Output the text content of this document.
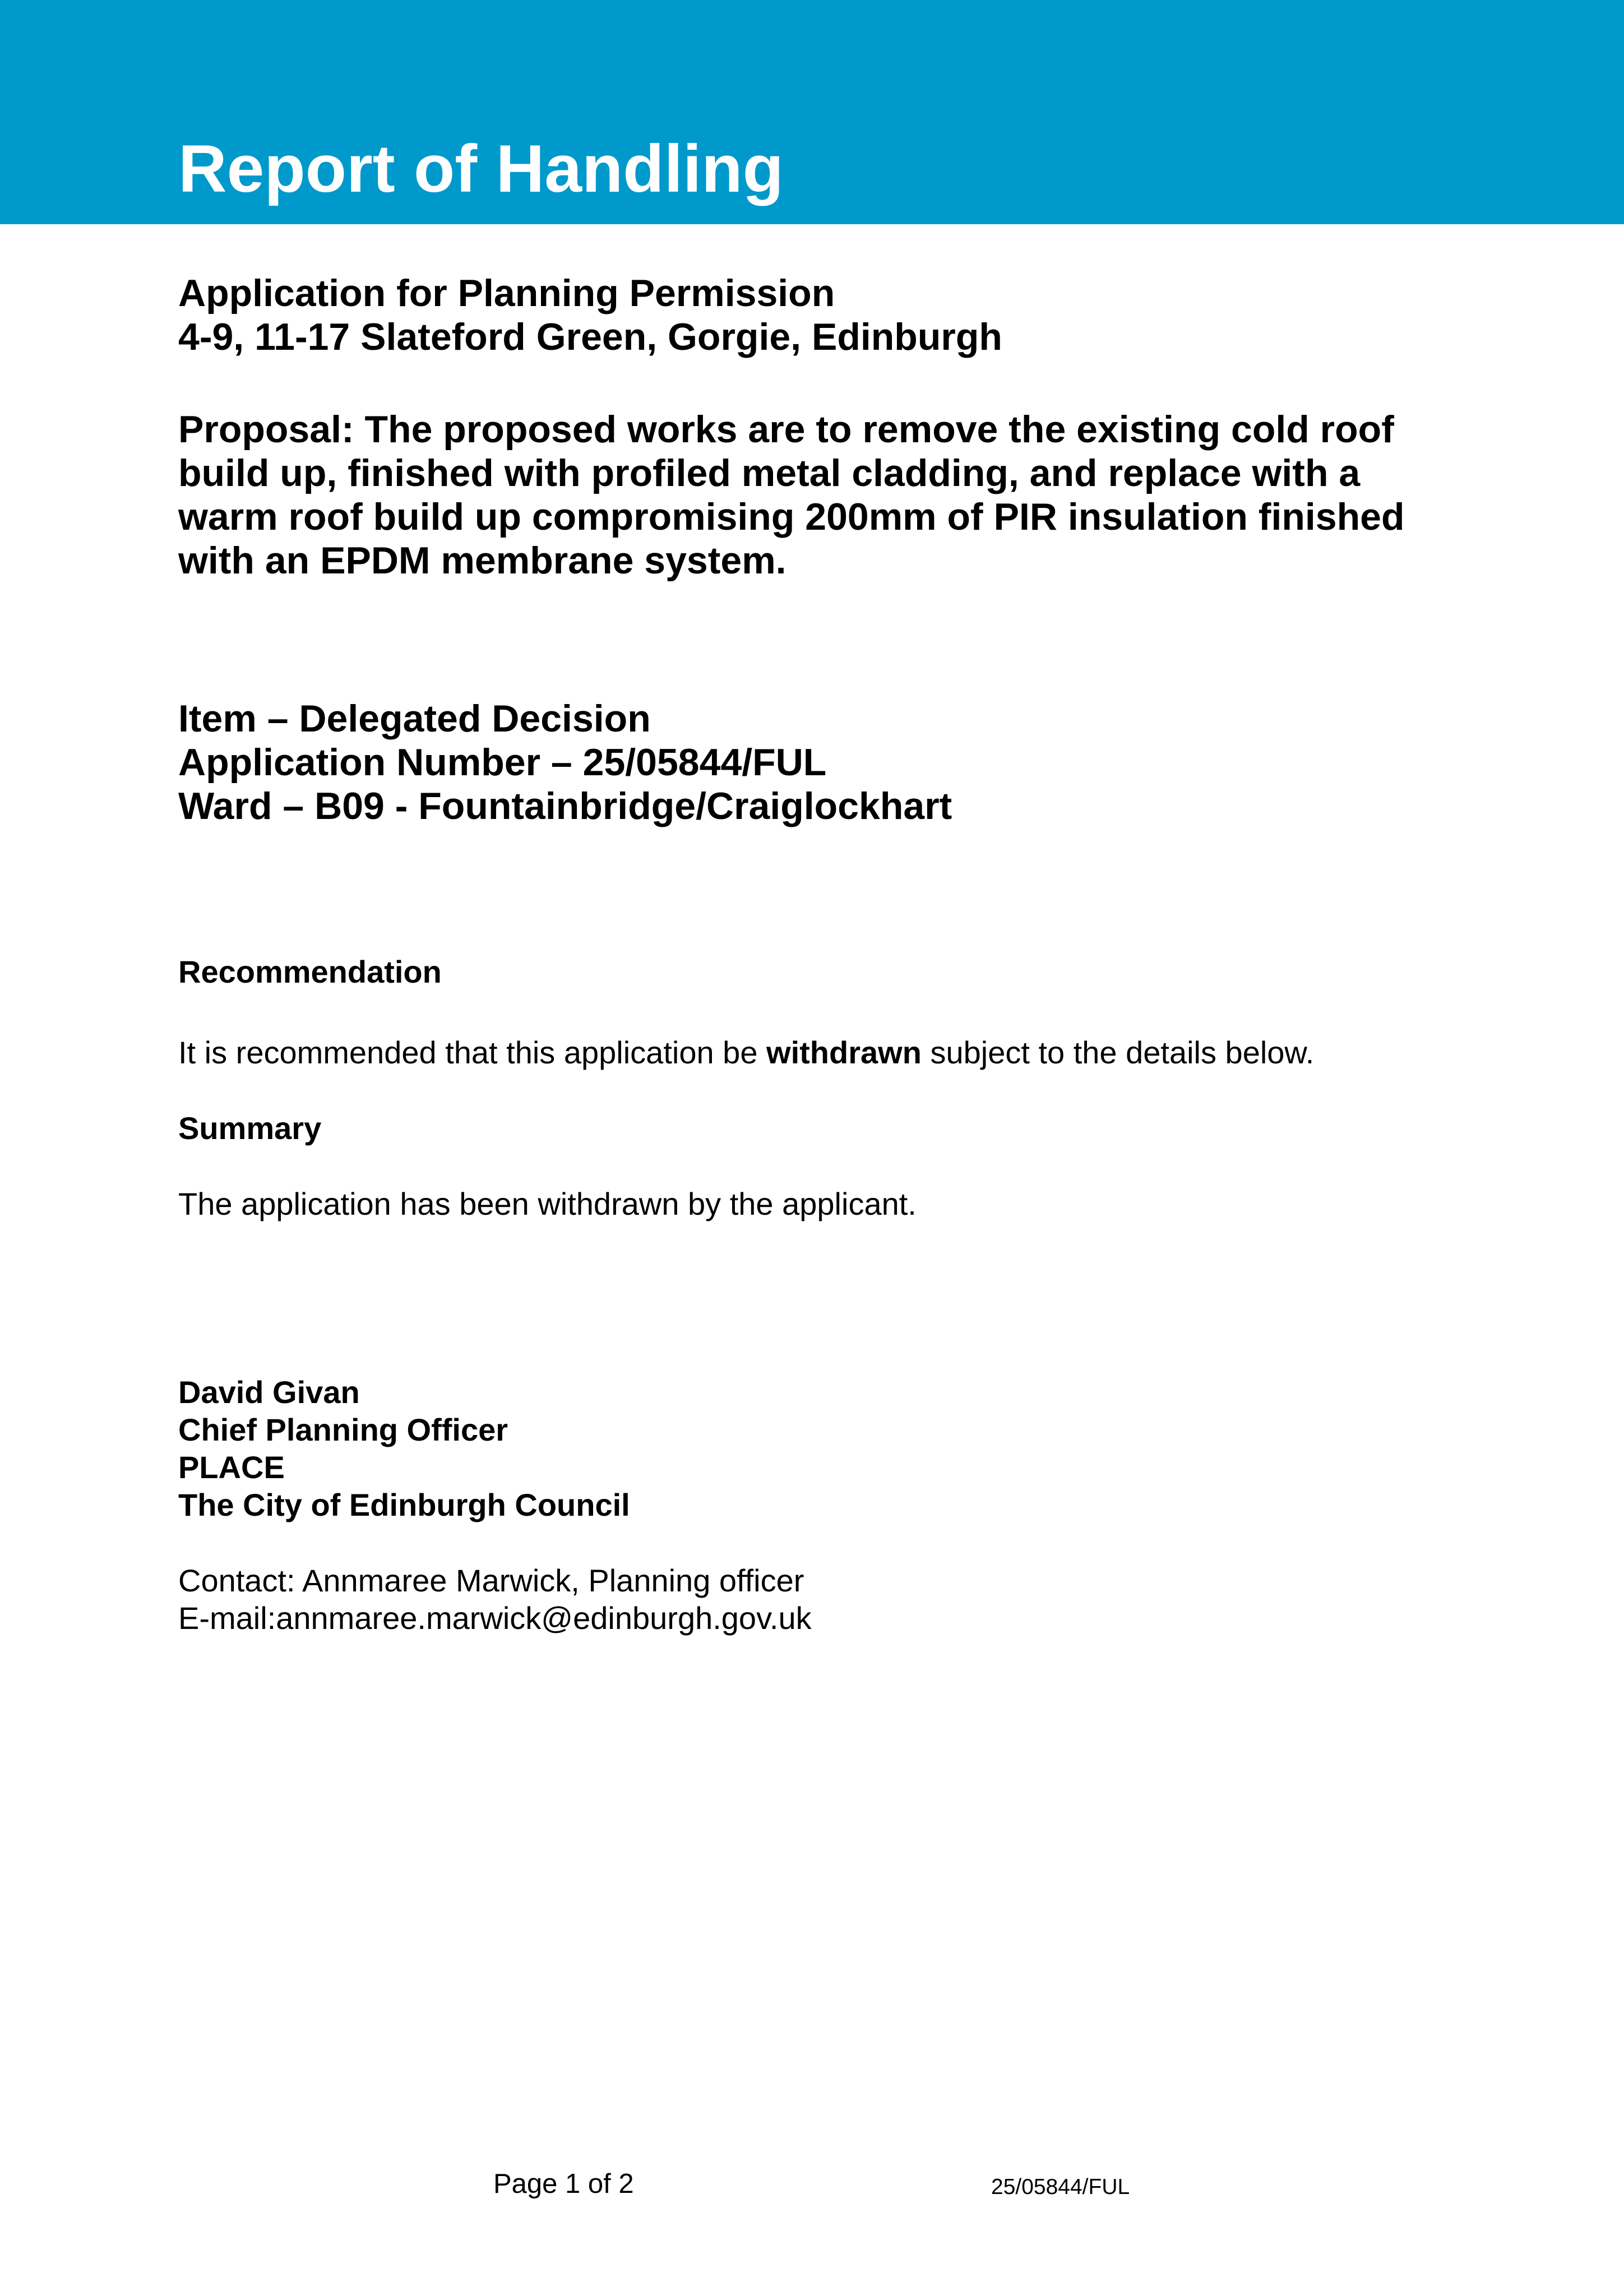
Report of Handling
Application for Planning Permission
4-9, 11-17 Slateford Green, Gorgie, Edinburgh
Proposal: The proposed works are to remove the existing cold roof
build up, finished with profiled metal cladding, and replace with a
warm roof build up compromising 200mm of PIR insulation finished
with an EPDM membrane system.
Item – Delegated Decision
Application Number – 25/05844/FUL
Ward – B09 - Fountainbridge/Craiglockhart
Recommendation

It is recommended that this application be withdrawn subject to the details below.

Summary

The application has been withdrawn by the applicant.

David Givan
Chief Planning Officer
PLACE
The City of Edinburgh Council
Contact: Annmaree Marwick, Planning officer
E-mail:annmaree.marwick@edinburgh.gov.uk
Page 1 of 2	25/05844/FUL
